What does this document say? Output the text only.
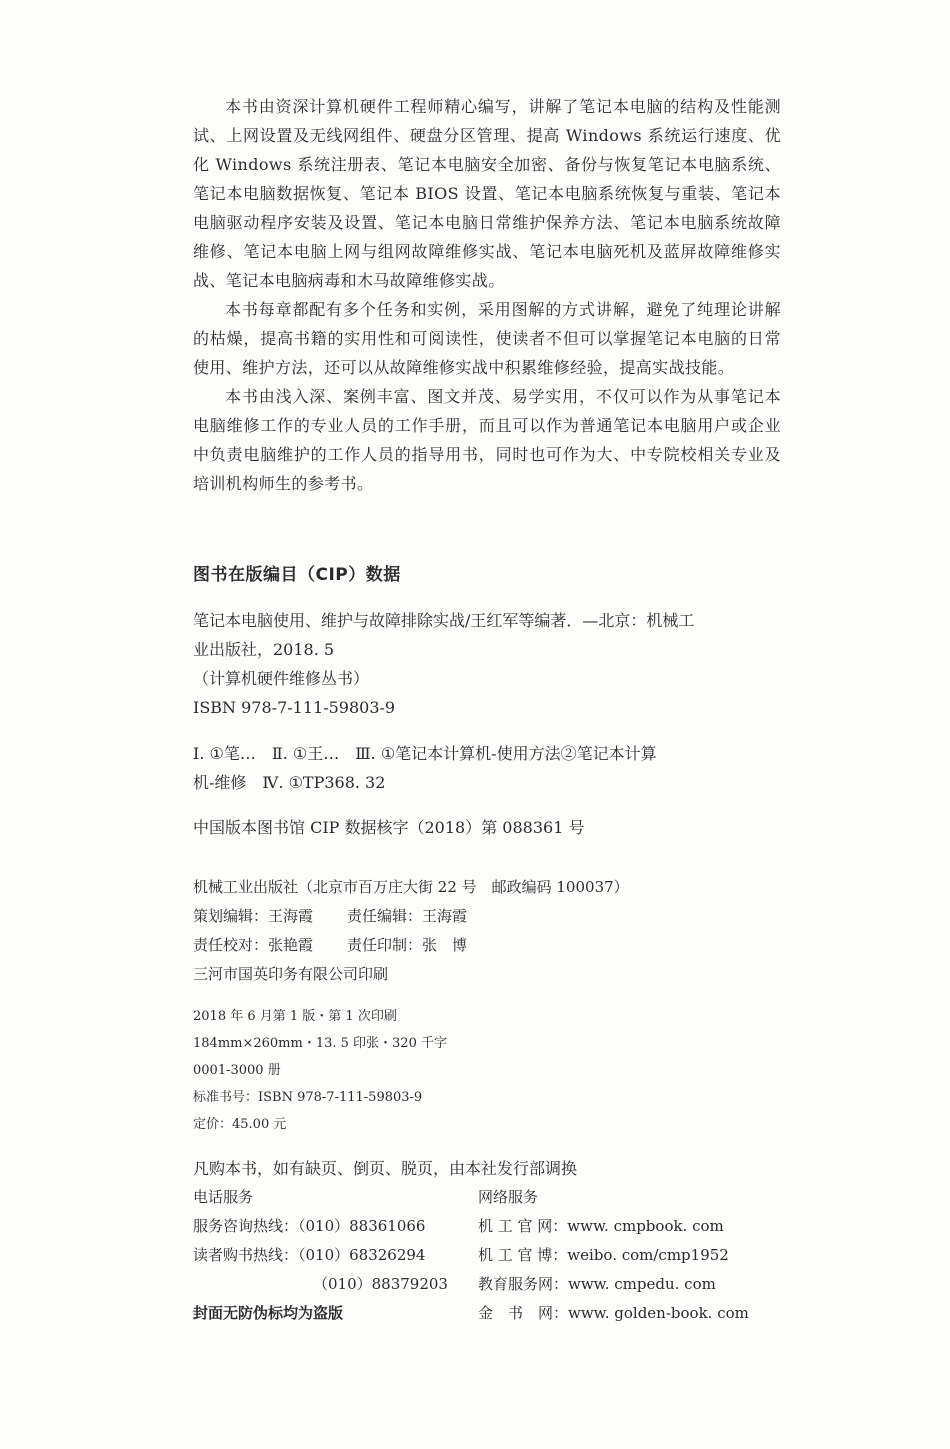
本书由资深计算机硬件工程师精心编写，讲解了笔记本电脑的结构及性能测试、上网设置及无线网组件、硬盘分区管理、提高 Windows 系统运行速度、优化 Windows 系统注册表、笔记本电脑安全加密、备份与恢复笔记本电脑系统、笔记本电脑数据恢复、笔记本 BIOS 设置、笔记本电脑系统恢复与重装、笔记本电脑驱动程序安装及设置、笔记本电脑日常维护保养方法、笔记本电脑系统故障维修、笔记本电脑上网与组网故障维修实战、笔记本电脑死机及蓝屏故障维修实战、笔记本电脑病毒和木马故障维修实战。

本书每章都配有多个任务和实例，采用图解的方式讲解，避免了纯理论讲解的枯燥，提高书籍的实用性和可阅读性，使读者不但可以掌握笔记本电脑的日常使用、维护方法，还可以从故障维修实战中积累维修经验，提高实战技能。

本书由浅入深、案例丰富、图文并茂、易学实用，不仅可以作为从事笔记本电脑维修工作的专业人员的工作手册，而且可以作为普通笔记本电脑用户或企业中负责电脑维护的工作人员的指导用书，同时也可作为大、中专院校相关专业及培训机构师生的参考书。

图书在版编目（CIP）数据
笔记本电脑使用、维护与故障排除实战/王红军等编著．—北京：机械工
业出版社，2018. 5
（计算机硬件维修丛书）
ISBN 978-7-111-59803-9
Ⅰ. ①笔…　Ⅱ. ①王…　Ⅲ. ①笔记本计算机-使用方法②笔记本计算
机-维修　Ⅳ. ①TP368. 32
中国版本图书馆 CIP 数据核字（2018）第 088361 号
机械工业出版社（北京市百万庄大街 22 号　邮政编码 100037）
策划编辑：王海霞 责任编辑：王海霞
责任校对：张艳霞 责任印制：张　博
三河市国英印务有限公司印刷
2018 年 6 月第 1 版・第 1 次印刷
184mm×260mm・13. 5 印张・320 千字
0001-3000 册
标准书号：ISBN 978-7-111-59803-9
定价：45.00 元
凡购本书，如有缺页、倒页、脱页，由本社发行部调换
电话服务
服务咨询热线：（010）88361066
读者购书热线：（010）68326294
（010）88379203
封面无防伪标均为盗版
网络服务
机 工 官 网：www. cmpbook. com
机 工 官 博：weibo. com/cmp1952
教育服务网：www. cmpedu. com
金　书　网：www. golden-book. com
